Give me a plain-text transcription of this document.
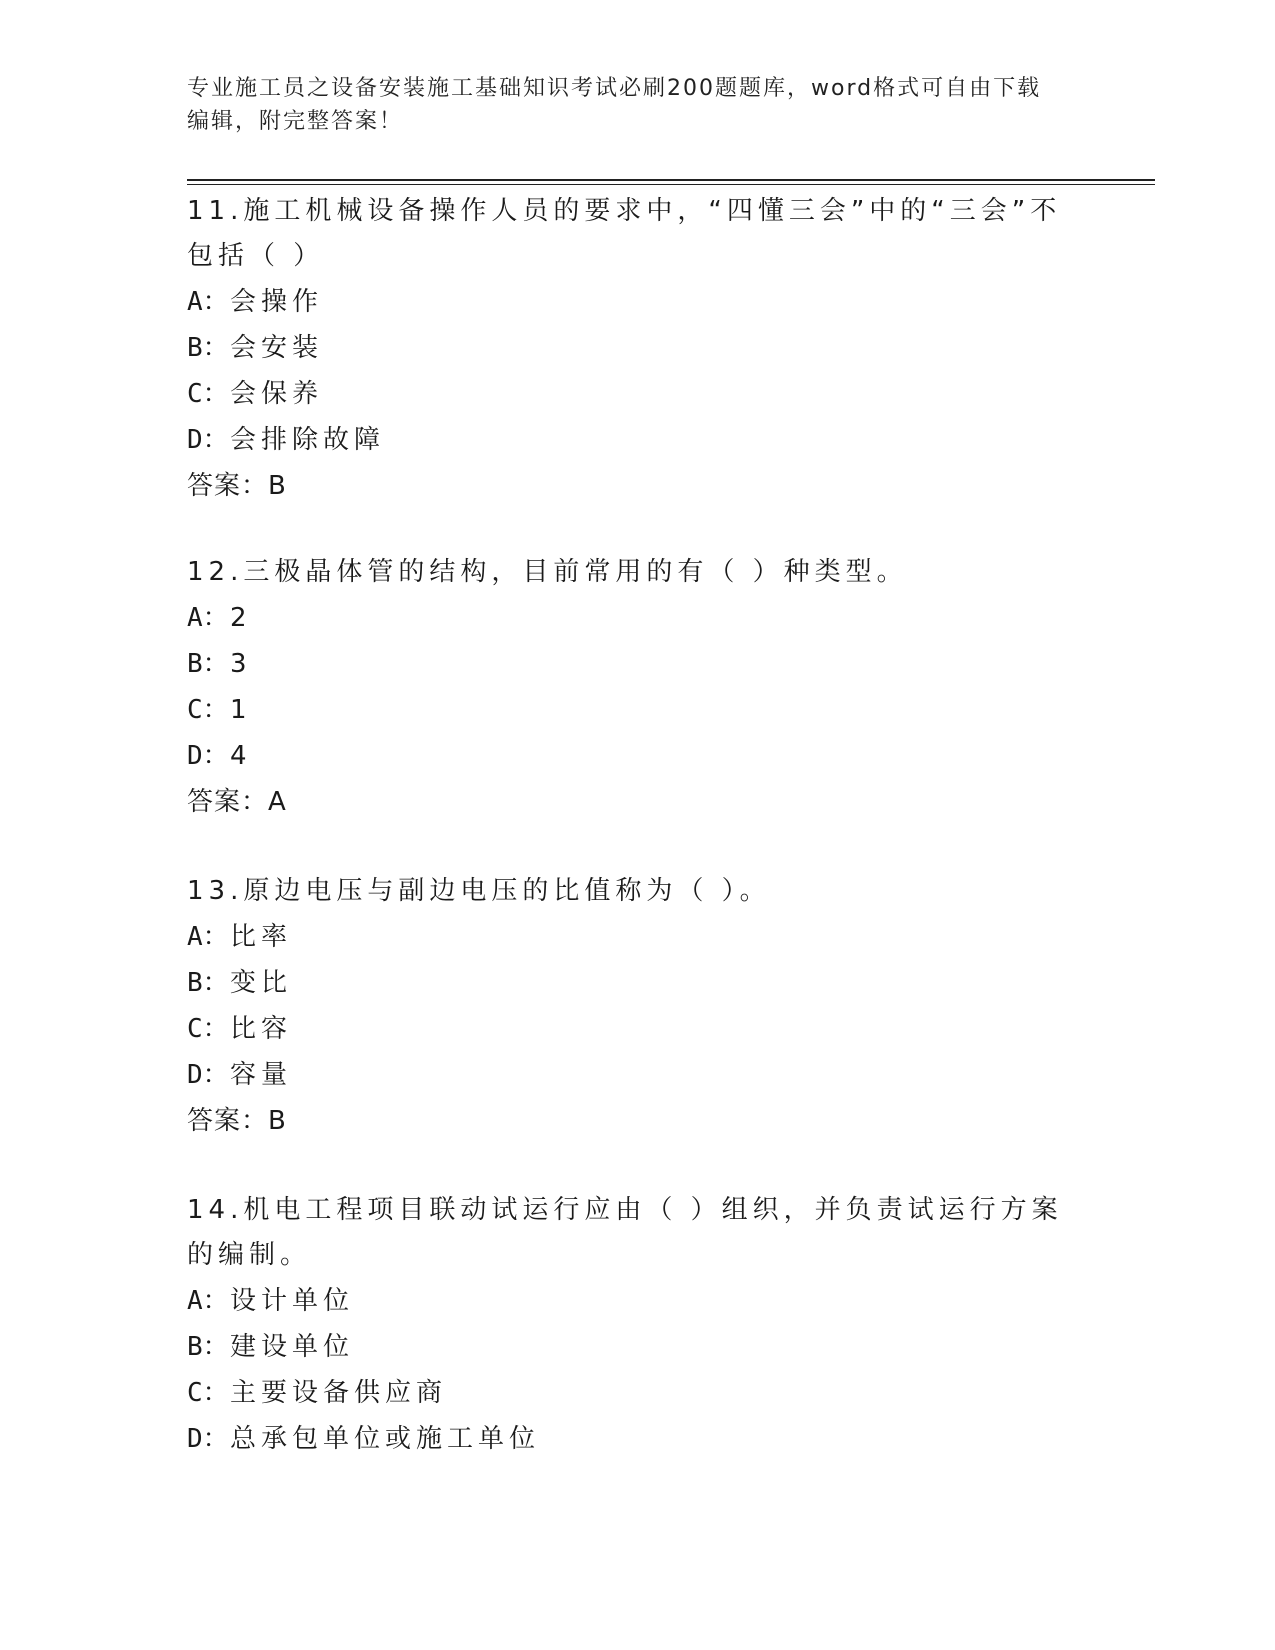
专业施工员之设备安装施工基础知识考试必刷200题题库，word格式可自由下载
编辑，附完整答案！

11.施工机械设备操作人员的要求中，“四懂三会”中的“三会”不包括（ ）

A：会操作
B：会安装
C：会保养
D：会排除故障
答案：B

12.三极晶体管的结构，目前常用的有（ ）种类型。

A：2
B：3
C：1
D：4
答案：A

13.原边电压与副边电压的比值称为（ ）。

A：比率
B：变比
C：比容
D：容量
答案：B

14.机电工程项目联动试运行应由（ ）组织，并负责试运行方案的编制。

A：设计单位
B：建设单位
C：主要设备供应商
D：总承包单位或施工单位
